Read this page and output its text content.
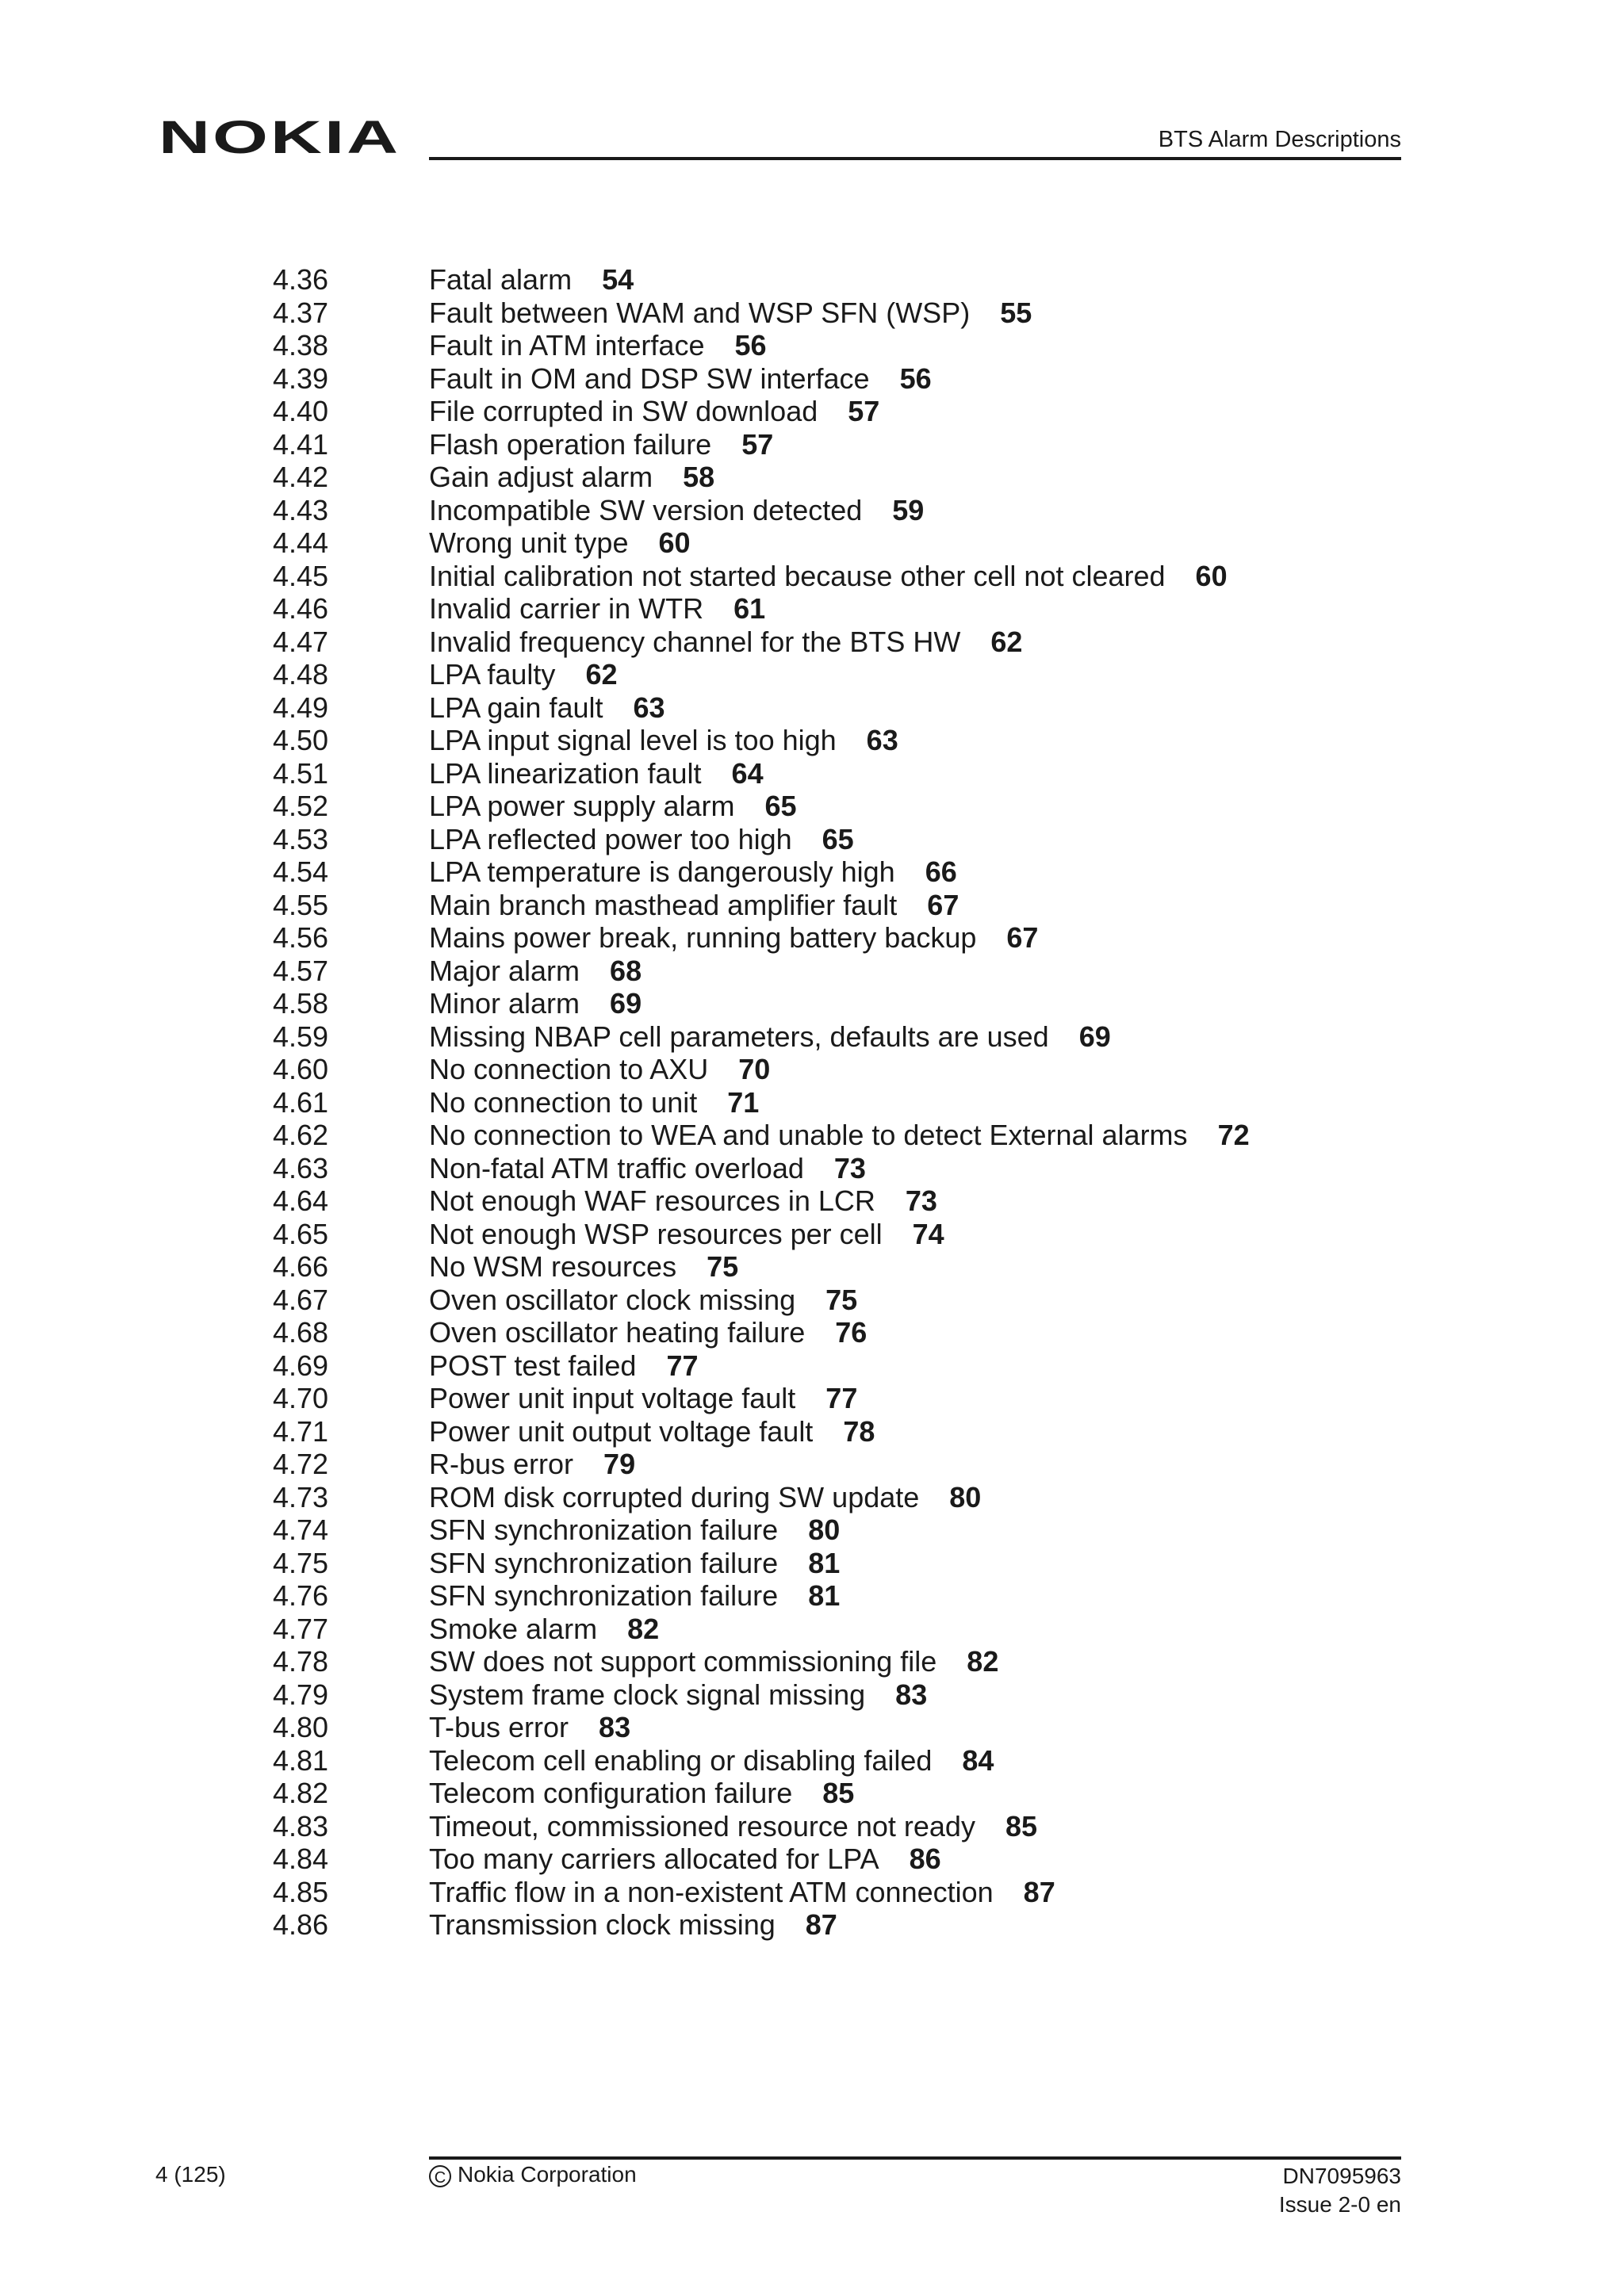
NOKIA	BTS Alarm Descriptions
4.36	Fatal alarm 54
4.37	Fault between WAM and WSP SFN (WSP) 55
4.38	Fault in ATM interface 56
4.39	Fault in OM and DSP SW interface 56
4.40	File corrupted in SW download 57
4.41	Flash operation failure 57
4.42	Gain adjust alarm 58
4.43	Incompatible SW version detected 59
4.44	Wrong unit type 60
4.45	Initial calibration not started because other cell not cleared 60
4.46	Invalid carrier in WTR 61
4.47	Invalid frequency channel for the BTS HW 62
4.48	LPA faulty 62
4.49	LPA gain fault 63
4.50	LPA input signal level is too high 63
4.51	LPA linearization fault 64
4.52	LPA power supply alarm 65
4.53	LPA reflected power too high 65
4.54	LPA temperature is dangerously high 66
4.55	Main branch masthead amplifier fault 67
4.56	Mains power break, running battery backup 67
4.57	Major alarm 68
4.58	Minor alarm 69
4.59	Missing NBAP cell parameters, defaults are used 69
4.60	No connection to AXU 70
4.61	No connection to unit 71
4.62	No connection to WEA and unable to detect External alarms 72
4.63	Non-fatal ATM traffic overload 73
4.64	Not enough WAF resources in LCR 73
4.65	Not enough WSP resources per cell 74
4.66	No WSM resources 75
4.67	Oven oscillator clock missing 75
4.68	Oven oscillator heating failure 76
4.69	POST test failed 77
4.70	Power unit input voltage fault 77
4.71	Power unit output voltage fault 78
4.72	R-bus error 79
4.73	ROM disk corrupted during SW update 80
4.74	SFN synchronization failure 80
4.75	SFN synchronization failure 81
4.76	SFN synchronization failure 81
4.77	Smoke alarm 82
4.78	SW does not support commissioning file 82
4.79	System frame clock signal missing 83
4.80	T-bus error 83
4.81	Telecom cell enabling or disabling failed 84
4.82	Telecom configuration failure 85
4.83	Timeout, commissioned resource not ready 85
4.84	Too many carriers allocated for LPA 86
4.85	Traffic flow in a non-existent ATM connection 87
4.86	Transmission clock missing 87
4 (125)	C Nokia Corporation	DN7095963
Issue 2-0 en
